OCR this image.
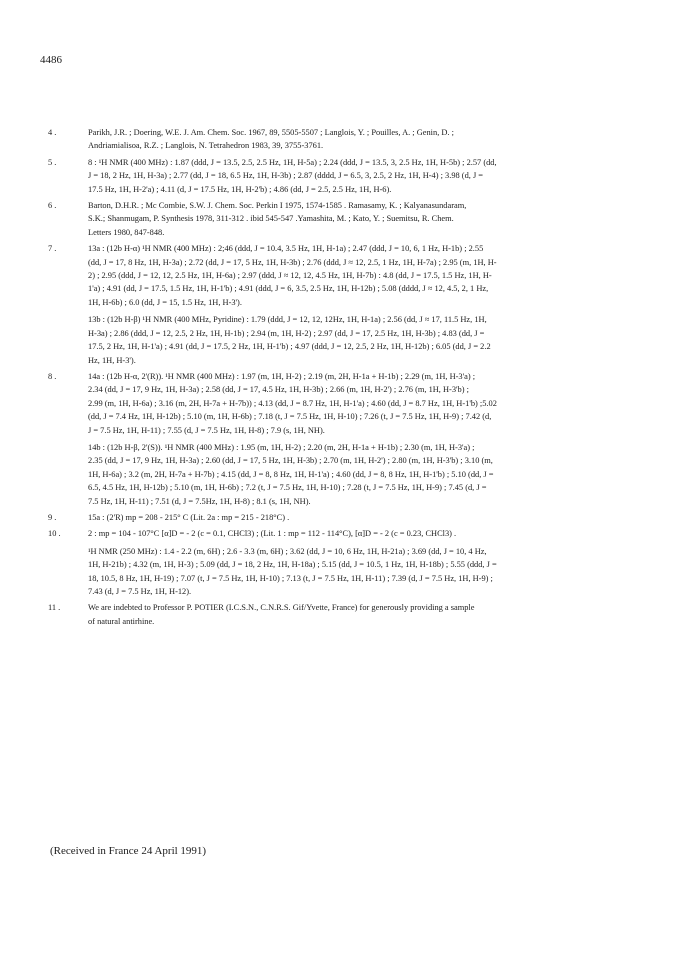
4486
4 .	Parikh, J.R. ; Doering, W.E. J. Am. Chem. Soc. 1967, 89, 5505-5507 ; Langlois, Y. ; Pouilles, A. ; Genin, D. ;
Andriamialisoa, R.Z. ; Langlois, N. Tetrahedron 1983, 39, 3755-3761.
5 .	8 : ¹H NMR (400 MHz) : 1.87 (ddd, J = 13.5, 2.5, 2.5 Hz, 1H, H-5a) ; 2.24 (ddd, J = 13.5, 3, 2.5 Hz, 1H, H-5b) ; 2.57 (dd,
J = 18, 2 Hz, 1H, H-3a) ; 2.77 (dd, J = 18, 6.5 Hz, 1H, H-3b) ; 2.87 (dddd, J = 6.5, 3, 2.5, 2 Hz, 1H, H-4) ; 3.98 (d, J =
17.5 Hz, 1H, H-2'a) ; 4.11 (d, J = 17.5 Hz, 1H, H-2'b) ; 4.86 (dd, J = 2.5, 2.5 Hz, 1H, H-6).
6 .	Barton, D.H.R. ; Mc Combie, S.W. J. Chem. Soc. Perkin I 1975, 1574-1585 . Ramasamy, K. ; Kalyanasundaram,
S.K.; Shanmugam, P. Synthesis 1978, 311-312 . ibid 545-547 .Yamashita, M. ; Kato, Y. ; Suemitsu, R. Chem.
Letters 1980, 847-848.
7 .	13a : (12b H-α) ¹H NMR (400 MHz) : 2;46 (ddd, J = 10.4, 3.5 Hz, 1H, H-1a) ; 2.47 (ddd, J = 10, 6, 1 Hz, H-1b) ; 2.55
(dd, J = 17, 8 Hz, 1H, H-3a) ; 2.72 (dd, J = 17, 5 Hz, 1H, H-3b) ; 2.76 (ddd, J ≈ 12, 2.5, 1 Hz, 1H, H-7a) ; 2.95 (m, 1H, H-
2) ; 2.95 (ddd, J = 12, 12, 2.5 Hz, 1H, H-6a) ; 2.97 (ddd, J ≈ 12, 12, 4.5 Hz, 1H, H-7b) : 4.8 (dd, J = 17.5, 1.5 Hz, 1H, H-
1'a) ; 4.91 (dd, J = 17.5, 1.5 Hz, 1H, H-1'b) ; 4.91 (ddd, J = 6, 3.5, 2.5 Hz, 1H, H-12b) ; 5.08 (dddd, J ≈ 12, 4.5, 2, 1 Hz,
1H, H-6b) ; 6.0 (dd, J = 15, 1.5 Hz, 1H, H-3').
13b : (12b H-β) ¹H NMR (400 MHz, Pyridine) : 1.79 (ddd, J = 12, 12, 12Hz, 1H, H-1a) ; 2.56 (dd, J ≈ 17, 11.5 Hz, 1H,
H-3a) ; 2.86 (ddd, J = 12, 2.5, 2 Hz, 1H, H-1b) ; 2.94 (m, 1H, H-2) ; 2.97 (dd, J = 17, 2.5 Hz, 1H, H-3b) ; 4.83 (dd, J =
17.5, 2 Hz, 1H, H-1'a) ; 4.91 (dd, J = 17.5, 2 Hz, 1H, H-1'b) ; 4.97 (ddd, J = 12, 2.5, 2 Hz, 1H, H-12b) ; 6.05 (dd, J = 2.2
Hz, 1H, H-3').
8 .	14a : (12b H-α, 2'(R)). ¹H NMR (400 MHz) : 1.97 (m, 1H, H-2) ; 2.19 (m, 2H, H-1a + H-1b) ; 2.29 (m, 1H, H-3'a) ;
2.34 (dd, J = 17, 9 Hz, 1H, H-3a) ; 2.58 (dd, J = 17, 4.5 Hz, 1H, H-3b) ; 2.66 (m, 1H, H-2') ; 2.76 (m, 1H, H-3'b) ;
2.99 (m, 1H, H-6a) ; 3.16 (m, 2H, H-7a + H-7b)) ; 4.13 (dd, J = 8.7 Hz, 1H, H-1'a) ; 4.60 (dd, J = 8.7 Hz, 1H, H-1'b) ;5.02
(dd, J = 7.4 Hz, 1H, H-12b) ; 5.10 (m, 1H, H-6b) ; 7.18 (t, J = 7.5 Hz, 1H, H-10) ; 7.26 (t, J = 7.5 Hz, 1H, H-9) ; 7.42 (d,
J = 7.5 Hz, 1H, H-11) ; 7.55 (d, J = 7.5 Hz, 1H, H-8) ; 7.9 (s, 1H, NH).
14b : (12b H-β, 2'(S)). ¹H NMR (400 MHz) : 1.95 (m, 1H, H-2) ; 2.20 (m, 2H, H-1a + H-1b) ; 2.30 (m, 1H, H-3'a) ;
2.35 (dd, J = 17, 9 Hz, 1H, H-3a) ; 2.60 (dd, J = 17, 5 Hz, 1H, H-3b) ; 2.70 (m, 1H, H-2') ; 2.80 (m, 1H, H-3'b) ; 3.10 (m,
1H, H-6a) ; 3.2 (m, 2H, H-7a + H-7b) ; 4.15 (dd, J = 8, 8 Hz, 1H, H-1'a) ; 4.60 (dd, J = 8, 8 Hz, 1H, H-1'b) ; 5.10 (dd, J =
6.5, 4.5 Hz, 1H, H-12b) ; 5.10 (m, 1H, H-6b) ; 7.2 (t, J = 7.5 Hz, 1H, H-10) ; 7.28 (t, J = 7.5 Hz, 1H, H-9) ; 7.45 (d, J =
7.5 Hz, 1H, H-11) ; 7.51 (d, J = 7.5Hz, 1H, H-8) ; 8.1 (s, 1H, NH).
9 .	15a : (2'R) mp = 208 - 215° C (Lit. 2a : mp = 215 - 218°C) .
10 .	2 : mp = 104 - 107°C [α]D = - 2 (c = 0.1, CHCl3) ; (Lit. 1 : mp = 112 - 114°C), [α]D = - 2 (c = 0.23, CHCl3) .
¹H NMR (250 MHz) : 1.4 - 2.2 (m, 6H) ; 2.6 - 3.3 (m, 6H) ; 3.62 (dd, J = 10, 6 Hz, 1H, H-21a) ; 3.69 (dd, J = 10, 4 Hz,
1H, H-21b) ; 4.32 (m, 1H, H-3) ; 5.09 (dd, J = 18, 2 Hz, 1H, H-18a) ; 5.15 (dd, J = 10.5, 1 Hz, 1H, H-18b) ; 5.55 (ddd, J =
18, 10.5, 8 Hz, 1H, H-19) ; 7.07 (t, J = 7.5 Hz, 1H, H-10) ; 7.13 (t, J = 7.5 Hz, 1H, H-11) ; 7.39 (d, J = 7.5 Hz, 1H, H-9) ;
7.43 (d, J = 7.5 Hz, 1H, H-12).
11 .	We are indebted to Professor P. POTIER (I.C.S.N., C.N.R.S. Gif/Yvette, France) for generously providing a sample
of natural antirhine.
(Received in France 24 April 1991)
